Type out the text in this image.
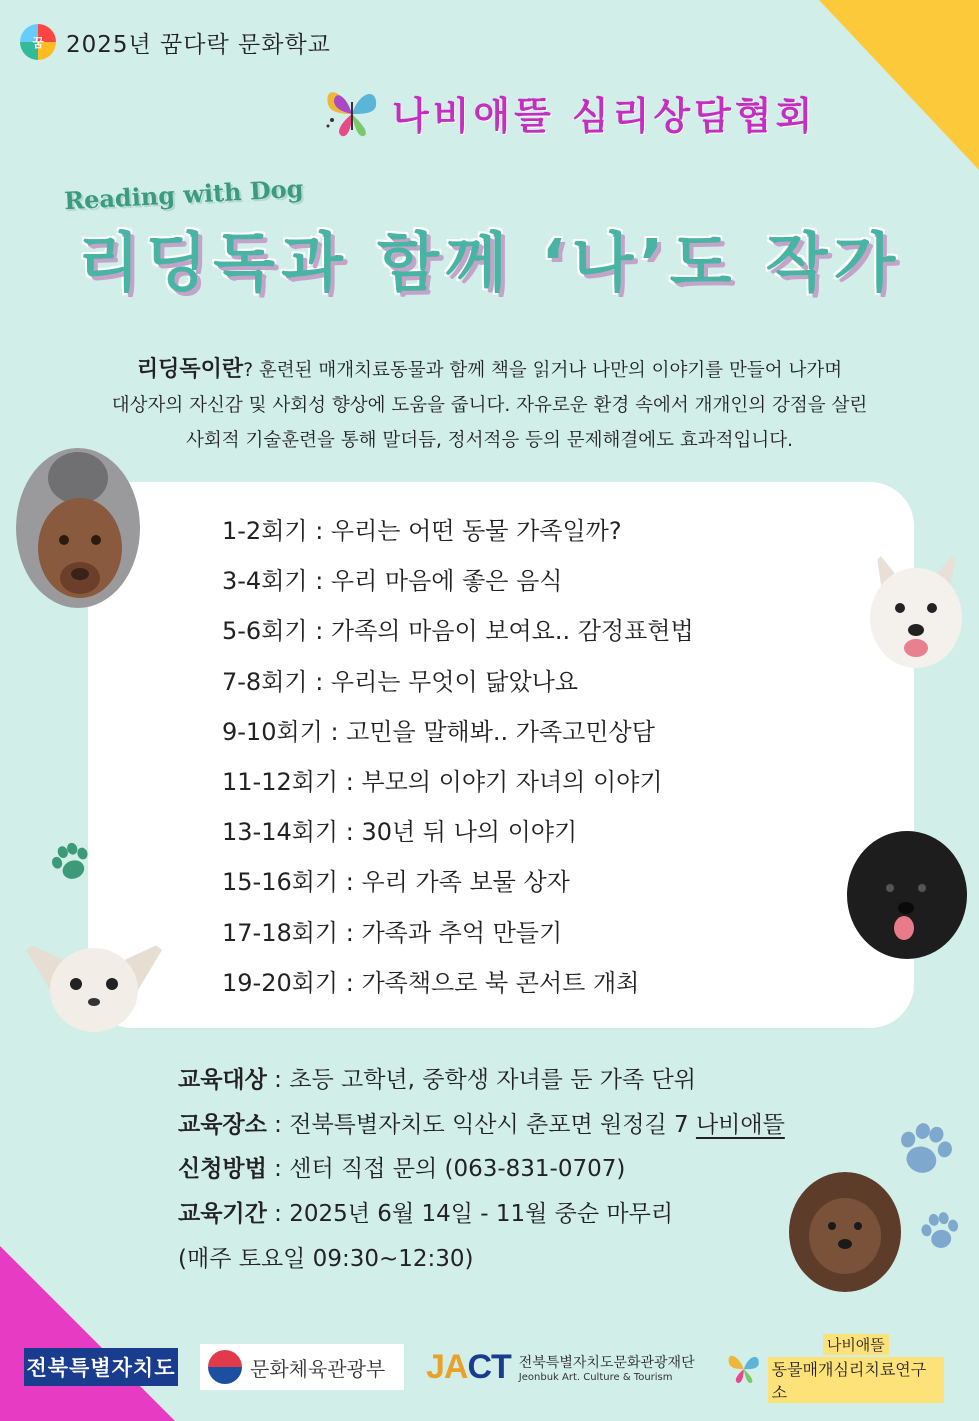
꿈 2025년 꿈다락 문화학교
나비애뜰 심리상담협회
Reading with Dog
리딩독과 함께 ‘나’도 작가
리딩독이란? 훈련된 매개치료동물과 함께 책을 읽거나 나만의 이야기를 만들어 나가며
대상자의 자신감 및 사회성 향상에 도움을 줍니다. 자유로운 환경 속에서 개개인의 강점을 살린
사회적 기술훈련을 통해 말더듬, 정서적응 등의 문제해결에도 효과적입니다.
1-2회기 : 우리는 어떤 동물 가족일까?
3-4회기 : 우리 마음에 좋은 음식
5-6회기 : 가족의 마음이 보여요.. 감정표현법
7-8회기 : 우리는 무엇이 닮았나요
9-10회기 : 고민을 말해봐.. 가족고민상담
11-12회기 : 부모의 이야기 자녀의 이야기
13-14회기 : 30년 뒤 나의 이야기
15-16회기 : 우리 가족 보물 상자
17-18회기 : 가족과 추억 만들기
19-20회기 : 가족책으로 북 콘서트 개최
교육대상 : 초등 고학년, 중학생 자녀를 둔 가족 단위
교육장소 : 전북특별자치도 익산시 춘포면 원정길 7 나비애뜰
신청방법 : 센터 직접 문의 (063-831-0707)
교육기간 : 2025년 6월 14일 - 11월 중순 마무리
(매주 토요일 09:30~12:30)
전북특별자치도	문화체육관광부 JACT 전북특별자치도문화관광재단
Jeonbuk Art. Culture & Tourism
나비애뜰
동물매개심리치료연구소
